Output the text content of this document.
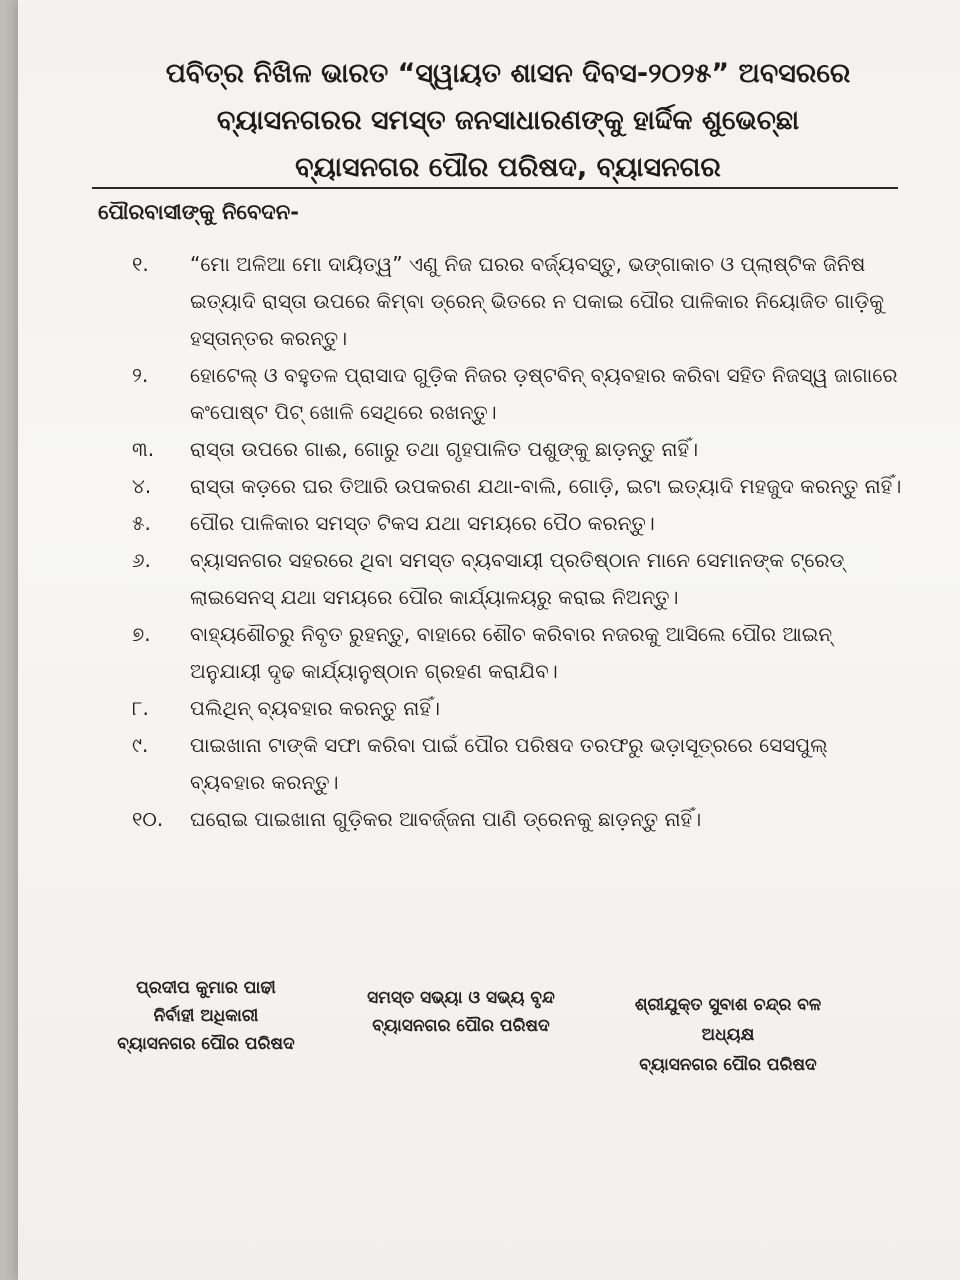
ପବିତ୍ର ନିଖିଳ ଭାରତ “ସ୍ୱାୟତ ଶାସନ ଦିବସ-୨୦୨୫” ଅବସରରେ
ବ୍ୟାସନଗରର ସମସ୍ତ ଜନସାଧାରଣଙ୍କୁ ହାର୍ଦ୍ଦିକ ଶୁଭେଚ୍ଛା
ବ୍ୟାସନଗର ପୌର ପରିଷଦ, ବ୍ୟାସନଗର
ପୌରବାସୀଙ୍କୁ ନିବେଦନ-
୧.	“ମୋ ଅଳିଆ ମୋ ଦାୟିତ୍ୱ” ଏଣୁ ନିଜ ଘରର ବର୍ଜ୍ୟବସ୍ତୁ, ଭଙ୍ଗାକାଚ ଓ ପ୍ଲାଷ୍ଟିକ ଜିନିଷ ଇତ୍ୟାଦି ରାସ୍ତା ଉପରେ କିମ୍ବା ଡ୍ରେନ୍ ଭିତରେ ନ ପକାଇ ପୌର ପାଳିକାର ନିୟୋଜିତ ଗାଡ଼ିକୁ ହସ୍ତାନ୍ତର କରନ୍ତୁ।
୨.	ହୋଟେଲ୍ ଓ ବହୁତଳ ପ୍ରାସାଦ ଗୁଡ଼ିକ ନିଜର ଡ଼ଷ୍ଟବିନ୍ ବ୍ୟବହାର କରିବା ସହିତ ନିଜସ୍ୱ ଜାଗାରେ କଂପୋଷ୍ଟ ପିଟ୍ ଖୋଳି ସେଥିରେ ରଖନ୍ତୁ।
୩.	ରାସ୍ତା ଉପରେ ଗାଈ, ଗୋରୁ ତଥା ଗୃହପାଳିତ ପଶୁଙ୍କୁ ଛାଡ଼ନ୍ତୁ ନାହିଁ।
୪.	ରାସ୍ତା କଡ଼ରେ ଘର ତିଆରି ଉପକରଣ ଯଥା-ବାଲି, ଗୋଡ଼ି, ଇଟା ଇତ୍ୟାଦି ମହଜୁଦ କରନ୍ତୁ ନାହିଁ।
୫.	ପୌର ପାଳିକାର ସମସ୍ତ ଟିକସ ଯଥା ସମୟରେ ପୈଠ କରନ୍ତୁ।
୬.	ବ୍ୟାସନଗର ସହରରେ ଥିବା ସମସ୍ତ ବ୍ୟବସାୟୀ ପ୍ରତିଷ୍ଠାନ ମାନେ ସେମାନଙ୍କ ଟ୍ରେଡ୍ ଲାଇସେନସ୍ ଯଥା ସମୟରେ ପୌର କାର୍ଯ୍ୟାଳୟରୁ କରାଇ ନିଅନ୍ତୁ।
୭.	ବାହ୍ୟଶୌଚରୁ ନିବୃତ ରୁହନ୍ତୁ, ବାହାରେ ଶୌଚ କରିବାର ନଜରକୁ ଆସିଲେ ପୌର ଆଇନ୍ ଅନୁଯାୟୀ ଦୃଢ କାର୍ଯ୍ୟାନୁଷ୍ଠାନ ଗ୍ରହଣ କରାଯିବ।
୮.	ପଲିଥିନ୍ ବ୍ୟବହାର କରନ୍ତୁ ନାହିଁ।
୯.	ପାଇଖାନା ଟାଙ୍କି ସଫା କରିବା ପାଇଁ ପୌର ପରିଷଦ ତରଫରୁ ଭଡ଼ାସୂତ୍ରରେ ସେସପୁଲ୍ ବ୍ୟବହାର କରନ୍ତୁ।
୧୦.	ଘରୋଇ ପାଇଖାନା ଗୁଡ଼ିକର ଆବର୍ଜ୍ଜନା ପାଣି ଡ୍ରେନକୁ ଛାଡ଼ନ୍ତୁ ନାହିଁ।
ପ୍ରଦୀପ କୁମାର ପାଢୀ
ନିର୍ବାହୀ ଅଧିକାରୀ
ବ୍ୟାସନଗର ପୌର ପରିଷଦ
ସମସ୍ତ ସଭ୍ୟା ଓ ସଭ୍ୟ ବୃନ୍ଦ
ବ୍ୟାସନଗର ପୌର ପରିଷଦ
ଶ୍ରୀଯୁକ୍ତ ସୁବାଶ ଚନ୍ଦ୍ର ବଳ
ଅଧ୍ୟକ୍ଷ
ବ୍ୟାସନଗର ପୌର ପରିଷଦ
